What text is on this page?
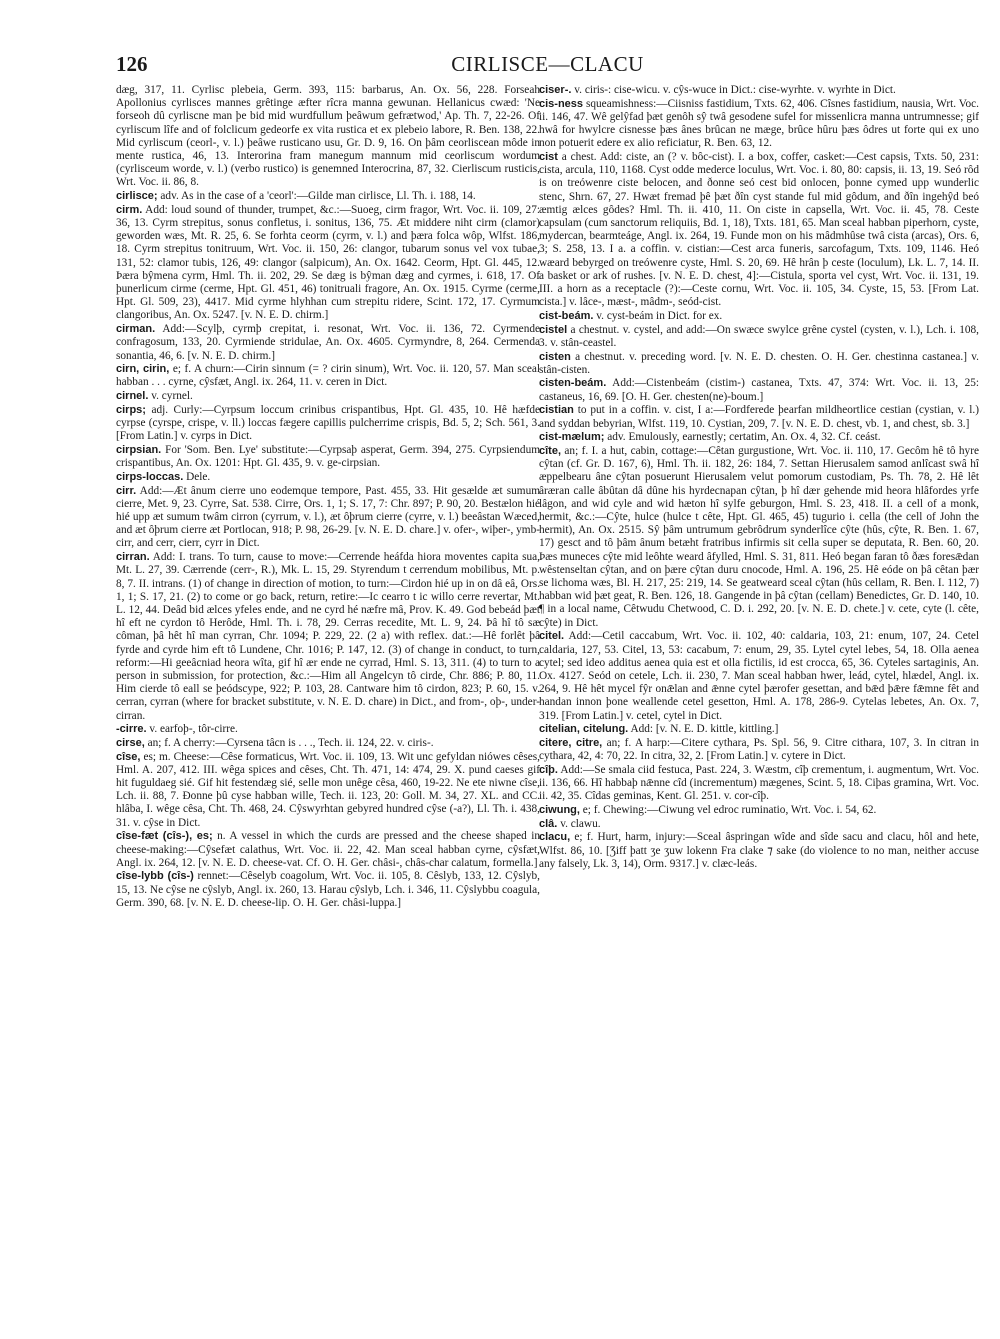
126	CIRLISCE—CLACU
dæg, 317, 11. Cyrlisc plebeia, Germ. 393, 115: barbarus, An. Ox. 56, 228. Forseah Apollonius cyrlisces mannes grêtinge æfter rîcra manna gewunan. Hellanicus cwæd: 'Ne forseoh dû cyrliscne man þe bid mid wurdfullum þeâwum gefrætwod,' Ap. Th. 7, 22-26. Of cyrliscum lîfe and of folclicum gedeorfe ex vita rustica et ex plebeio labore, R. Ben. 138, 22. Mid cyrliscum (ceorl-, v. l.) þeâwe rusticano usu, Gr. D. 9, 16. On þâm ceorliscean môde in mente rustica, 46, 13. Interorina fram manegum mannum mid ceorliscum wordum (cyrlisceum worde, v. l.) (verbo rustico) is genemned Interocrina, 87, 32. Cierliscum rusticis, Wrt. Voc. ii. 86, 8.
cirlisce; adv. As in the case of a 'ceorl':—Gilde man cirlisce, Ll. Th. i. 188, 14.
cirm. Add: loud sound of thunder, trumpet, &c.:—Suoeg, cirm fragor, Wrt. Voc. ii. 109, 27: 36, 13. Cyrm strepitus, sonus confletus, i. sonitus, 136, 75. Æt middere niht cirm (clamor) geworden wæs, Mt. R. 25, 6. Se forhta ceorm (cyrm, v. l.) and þæra folca wôp, Wlfst. 186, 18. Cyrm strepitus tonitruum, Wrt. Voc. ii. 150, 26: clangor, tubarum sonus vel vox tubae, 131, 52: clamor tubis, 126, 49: clangor (salpicum), An. Ox. 1642. Ceorm, Hpt. Gl. 445, 12. Þæra bŷmena cyrm, Hml. Th. ii. 202, 29. Se dæg is bŷman dæg and cyrmes, i. 618, 17. Of þunerlicum cirme (cerme, Hpt. Gl. 451, 46) tonitruali fragore, An. Ox. 1915. Cyrme (cerme, Hpt. Gl. 509, 23), 4417. Mid cyrme hlyhhan cum strepitu ridere, Scint. 172, 17. Cyrmum clangoribus, An. Ox. 5247. [v. N. E. D. chirm.]
cirman. Add:—Scylþ, cyrmþ crepitat, i. resonat, Wrt. Voc. ii. 136, 72. Cyrmende confragosum, 133, 20. Cyrmiende stridulae, An. Ox. 4605. Cyrmyndre, 8, 264. Cermenda sonantia, 46, 6. [v. N. E. D. chirm.]
cirn, cirin, e; f. A churn:—Cirin sinnum (= ? cirin sinum), Wrt. Voc. ii. 120, 57. Man sceal habban . . . cyrne, cŷsfæt, Angl. ix. 264, 11. v. ceren in Dict.
cirnel. v. cyrnel.
cirps; adj. Curly:—Cyrpsum loccum crinibus crispantibus, Hpt. Gl. 435, 10. Hê hæfde cyrpse (cyrspe, crispe, v. ll.) loccas fægere capillis pulcherrime crispis, Bd. 5, 2; Sch. 561, 3. [From Latin.] v. cyrps in Dict.
cirpsian. For 'Som. Ben. Lye' substitute:—Cyrpsaþ asperat, Germ. 394, 275. Cyrpsiendum crispantibus, An. Ox. 1201: Hpt. Gl. 435, 9. v. ge-cirpsian.
cirps-loccas. Dele.
cirr. Add:—Æt ânum cierre uno eodemque tempore, Past. 455, 33. Hit gesælde æt sumum cierre, Met. 9, 23. Cyrre, Sat. 538. Cirre, Ors. 1, 1; S. 17, 7: Chr. 897; P. 90, 20. Bestælon hié hié upp æt sumum twâm cirron (cyrrum, v. l.), æt ôþrum cierre (cyrre, v. l.) beeâstan Wæced, and æt ôþrum cierre æt Portlocan, 918; P. 98, 26-29. [v. N. E. D. chare.] v. ofer-, wiþer-, ymb-cirr, and cerr, cierr, cyrr in Dict.
cirran. Add: I. trans. To turn, cause to move:—Cerrende heáfda hiora moventes capita sua, Mt. L. 27, 39. Cærrende (cerr-, R.), Mk. L. 15, 29. Styrendum t cerrendum mobilibus, Mt. p. 8, 7. II. intrans. (1) of change in direction of motion, to turn:—Cirdon hié up in on dâ eâ, Ors. 1, 1; S. 17, 21. (2) to come or go back, return, retire:—Ic cearro t ic willo cerre revertar, Mt. L. 12, 44. Deâd bid ælces yfeles ende, and ne cyrd hé næfre mâ, Prov. K. 49. God bebeád þæt hî eft ne cyrdon tô Herôde, Hml. Th. i. 78, 29. Cerras recedite, Mt. L. 9, 24. Þâ hî tô sæ côman, þâ hêt hî man cyrran, Chr. 1094; P. 229, 22. (2 a) with reflex. dat.:—Hê forlêt þâ fyrde and cyrde him eft tô Lundene, Chr. 1016; P. 147, 12. (3) of change in conduct, to turn, reform:—Hi geeâcniad heora wîta, gif hî ær ende ne cyrrad, Hml. S. 13, 311. (4) to turn to a person in submission, for protection, &c.:—Him all Angelcyn tô cirde, Chr. 886; P. 80, 11. Him cierde tô eall se þeódscype, 922; P. 103, 28. Cantware him tô cirdon, 823; P. 60, 15. v. cerran, cyrran (where for bracket substitute, v. N. E. D. chare) in Dict., and from-, oþ-, under-cirran.
-cirre. v. earfoþ-, tôr-cirre.
cirse, an; f. A cherry:—Cyrsena tâcn is . . ., Tech. ii. 124, 22. v. ciris-.
cîse, es; m. Cheese:—Cêse formaticus, Wrt. Voc. ii. 109, 13. Wit unc gefyldan niówes cêses, Hml. A. 207, 412. III. wêga spices and cêses, Cht. Th. 471, 14: 474, 29. X. pund caeses gif hit fuguldaeg sié. Gif hit festendæg sié, selle mon unêge cêsa, 460, 19-22. Ne ete niwne cîse, Lch. ii. 88, 7. Ðonne þû cyse habban wille, Tech. ii. 123, 20: Goll. M. 34, 27. XL. and CC. hlâba, I. wêge cêsa, Cht. Th. 468, 24. Cŷswyrhtan gebyred hundred cŷse (-a?), Ll. Th. i. 438, 31. v. cŷse in Dict.
cîse-fæt (cîs-), es; n. A vessel in which the curds are pressed and the cheese shaped in cheese-making:—Cŷsefæt calathus, Wrt. Voc. ii. 22, 42. Man sceal habban cyrne, cŷsfæt, Angl. ix. 264, 12. [v. N. E. D. cheese-vat. Cf. O. H. Ger. châsi-, châs-char calatum, formella.]
cîse-lybb (cîs-) rennet:—Cêselyb coagolum, Wrt. Voc. ii. 105, 8. Cêslyb, 133, 12. Cŷslyb, 15, 13. Ne cŷse ne cŷslyb, Angl. ix. 260, 13. Harau cŷslyb, Lch. i. 346, 11. Cŷslybbu coagula, Germ. 390, 68. [v. N. E. D. cheese-lip. O. H. Ger. châsi-luppa.]
ciser-. v. ciris-: cise-wicu. v. cŷs-wuce in Dict.: cise-wyrhte. v. wyrhte in Dict.
cis-ness squeamishness:—Ciisniss fastidium, Txts. 62, 406. Cîsnes fastidium, nausia, Wrt. Voc. ii. 146, 47. Wê gelŷfad þæt genôh sŷ twâ gesodene sufel for missenlicra manna untrumnesse; gif hwâ for hwylcre cisnesse þæs ânes brûcan ne mæge, brûce hûru þæs ôdres ut forte qui ex uno non potuerit edere ex alio reficiatur, R. Ben. 63, 12.
cist a chest. Add: ciste, an (? v. bôc-cist). I. a box, coffer, casket:—Cest capsis, Txts. 50, 231: cista, arcula, 110, 1168. Cyst odde mederce loculus, Wrt. Voc. i. 80, 80: capsis, ii. 13, 19. Seó rôd is on treówenre ciste belocen, and ðonne seó cest bid onlocen, þonne cymed upp wunderlic stenc, Shrn. 67, 27. Hwæt fremad þê þæt ðîn cyst stande ful mid gôdum, and ðîn ingehŷd beó æmtig ælces gôdes? Hml. Th. ii. 410, 11. On ciste in capsella, Wrt. Voc. ii. 45, 78. Ceste capsulam (cum sanctorum reliquiis, Bd. 1, 18), Txts. 181, 65. Man sceal habban piperhorn, cyste, mydercan, bearmteáge, Angl. ix. 264, 19. Funde mon on his mâdmhûse twâ cista (arcas), Ors. 6, 3; S. 258, 13. I a. a coffin. v. cistian:—Cest arca funeris, sarcofagum, Txts. 109, 1146. Heó wæard bebyrged on treówenre cyste, Hml. S. 20, 69. Hê hrân þ ceste (loculum), Lk. L. 7, 14. II. a basket or ark of rushes. [v. N. E. D. chest, 4]:—Cistula, sporta vel cyst, Wrt. Voc. ii. 131, 19. III. a horn as a receptacle (?):—Ceste cornu, Wrt. Voc. ii. 105, 34. Cyste, 15, 53. [From Lat. cista.] v. lâce-, mæst-, mâdm-, seód-cist.
cist-beám. v. cyst-beám in Dict. for ex.
cistel a chestnut. v. cystel, and add:—On swæce swylce grêne cystel (cysten, v. l.), Lch. i. 108, 3. v. stân-ceastel.
cisten a chestnut. v. preceding word. [v. N. E. D. chesten. O. H. Ger. chestinna castanea.] v. stân-cisten.
cisten-beám. Add:—Cistenbeám (cistim-) castanea, Txts. 47, 374: Wrt. Voc. ii. 13, 25: castaneus, 16, 69. [O. H. Ger. chesten(ne)-boum.]
cistian to put in a coffin. v. cist, I a:—Fordferede þearfan mildheortlice cestian (cystian, v. l.) and syddan bebyrian, Wlfst. 119, 10. Cystian, 209, 7. [v. N. E. D. chest, vb. 1, and chest, sb. 3.]
cist-mælum; adv. Emulously, earnestly; certatim, An. Ox. 4, 32. Cf. ceást.
cîte, an; f. I. a hut, cabin, cottage:—Cêtan gurgustione, Wrt. Voc. ii. 110, 17. Gecôm hê tô hyre cŷtan (cf. Gr. D. 167, 6), Hml. Th. ii. 182, 26: 184, 7. Settan Hierusalem samod anlîcast swâ hî æppelbearu âne cŷtan posuerunt Hierusalem velut pomorum custodiam, Ps. Th. 78, 2. Hê lêt âræran calle âbûtan dâ dûne his hyrdecnapan cŷtan, þ hî dær gehende mid heora hlâfordes yrfe lâgon, and wid cyle and wid hæton hî sylfe geburgon, Hml. S. 23, 418. II. a cell of a monk, hermit, &c.:—Cŷte, hulce (hulce t cête, Hpt. Gl. 465, 45) tugurio i. cella (the cell of John the hermit), An. Ox. 2515. Sŷ þâm untrumum gebrôdrum synderlîce cŷte (hûs, cŷte, R. Ben. 1. 67, 17) gesct and tô þâm ânum betæht fratribus infirmis sit cella super se deputata, R. Ben. 60, 20. Þæs muneces cŷte mid leôhte weard âfylled, Hml. S. 31, 811. Heó began faran tô ðæs foresǣdan wêstenseltan cŷtan, and on þære cŷtan duru cnocode, Hml. A. 196, 25. Hê eóde on þâ cêtan þær se lichoma wæs, Bl. H. 217, 25: 219, 14. Se geatweard sceal cŷtan (hûs cellam, R. Ben. I. 112, 7) habban wid þæt geat, R. Ben. 126, 18. Gangende in þâ cŷtan (cellam) Benedictes, Gr. D. 140, 10. ¶ in a local name, Cêtwudu Chetwood, C. D. i. 292, 20. [v. N. E. D. chete.] v. cete, cyte (l. cête, cŷte) in Dict.
citel. Add:—Cetil caccabum, Wrt. Voc. ii. 102, 40: caldaria, 103, 21: enum, 107, 24. Cetel caldaria, 127, 53. Citel, 13, 53: cacabum, 7: enum, 29, 35. Lytel cytel lebes, 54, 18. Olla aenea cytel; sed ideo additus aenea quia est et olla fictilis, id est crocca, 65, 36. Cyteles sartaginis, An. Ox. 4127. Seód on cetele, Lch. ii. 230, 7. Man sceal habban hwer, leád, cytel, hlædel, Angl. ix. 264, 9. Hê hêt mycel fŷr onǣlan and ǣnne cytel þærofer gesettan, and bǣd þǣre fǣmne fêt and handan innon þone weallende cetel gesetton, Hml. A. 178, 286-9. Cytelas lebetes, An. Ox. 7, 319. [From Latin.] v. cetel, cytel in Dict.
citelian, citelung. Add: [v. N. E. D. kittle, kittling.]
citere, citre, an; f. A harp:—Citere cythara, Ps. Spl. 56, 9. Citre cithara, 107, 3. In citran in cythara, 42, 4: 70, 22. In citra, 32, 2. [From Latin.] v. cytere in Dict.
cîþ. Add:—Se smala ciid festuca, Past. 224, 3. Wæstm, cîþ crementum, i. augmentum, Wrt. Voc. ii. 136, 66. Hî habbaþ nǣnne cîd (incrementum) mægenes, Scint. 5, 18. Ciþas gramina, Wrt. Voc. ii. 42, 35. Cîdas geminas, Kent. Gl. 251. v. cor-cîþ.
ciwung, e; f. Chewing:—Ciwung vel edroc ruminatio, Wrt. Voc. i. 54, 62.
clâ. v. clawu.
clacu, e; f. Hurt, harm, injury:—Sceal âspringan wîde and sîde sacu and clacu, hôl and hete, Wlfst. 86, 10. [Ʒiff þatt ʒe ʒuw lokenn Fra clake ⁊ sake (do violence to no man, neither accuse any falsely, Lk. 3, 14), Orm. 9317.] v. clæc-leás.
